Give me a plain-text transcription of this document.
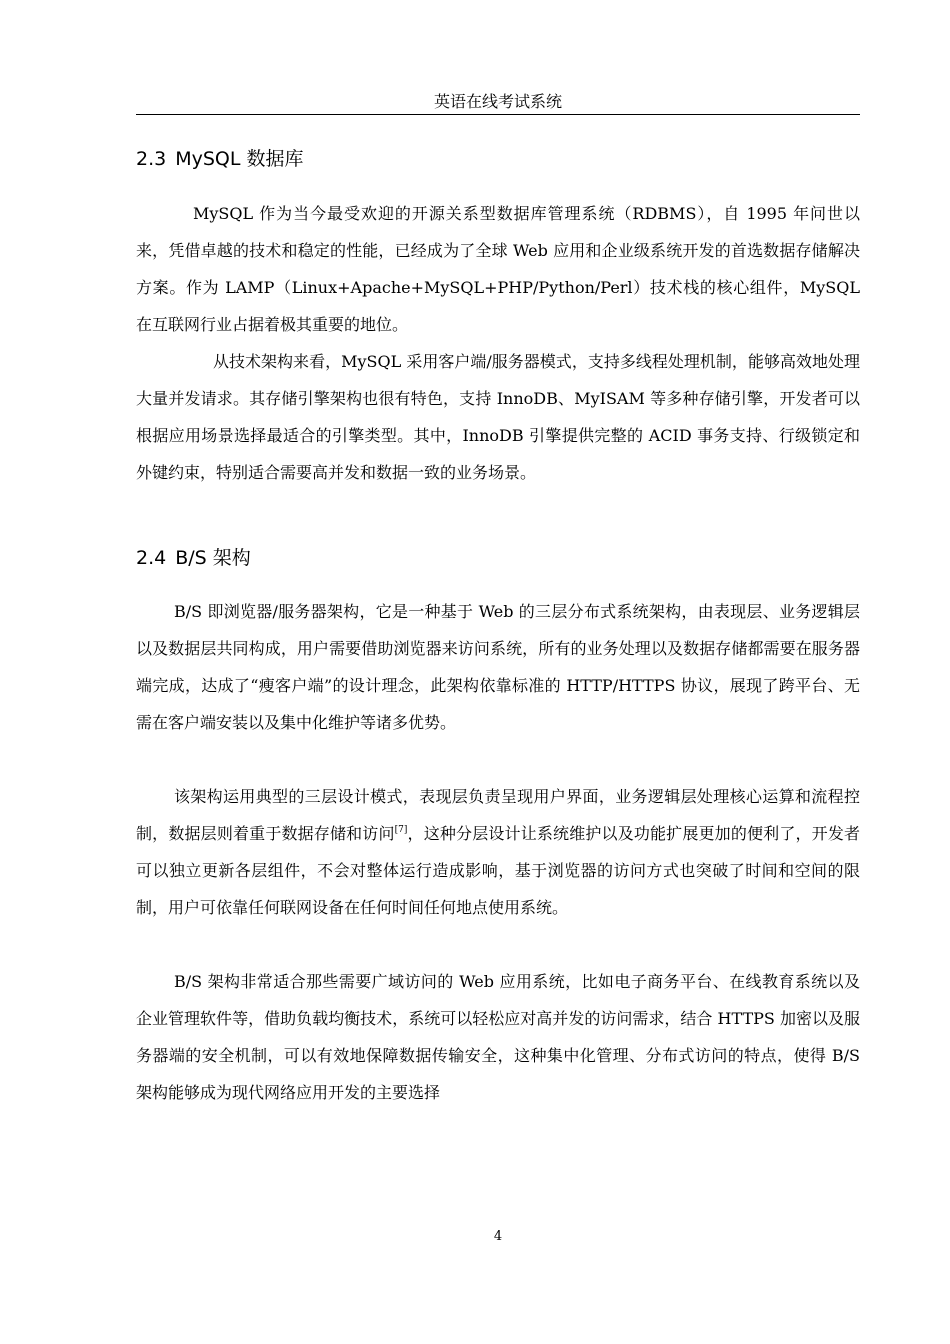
英语在线考试系统
2.3 MySQL 数据库

MySQL 作为当今最受欢迎的开源关系型数据库管理系统（RDBMS），自 1995 年问世以来，凭借卓越的技术和稳定的性能，已经成为了全球 Web 应用和企业级系统开发的首选数据存储解决方案。作为 LAMP（Linux+Apache+MySQL+PHP/Python/Perl）技术栈的核心组件，MySQL 在互联网行业占据着极其重要的地位。

从技术架构来看，MySQL 采用客户端/服务器模式，支持多线程处理机制，能够高效地处理大量并发请求。其存储引擎架构也很有特色，支持 InnoDB、MyISAM 等多种存储引擎，开发者可以根据应用场景选择最适合的引擎类型。其中，InnoDB 引擎提供完整的 ACID 事务支持、行级锁定和外键约束，特别适合需要高并发和数据一致的业务场景。

2.4 B/S 架构

B/S 即浏览器/服务器架构，它是一种基于 Web 的三层分布式系统架构，由表现层、业务逻辑层以及数据层共同构成，用户需要借助浏览器来访问系统，所有的业务处理以及数据存储都需要在服务器端完成，达成了“瘦客户端”的设计理念，此架构依靠标准的 HTTP/HTTPS 协议，展现了跨平台、无需在客户端安装以及集中化维护等诸多优势。

该架构运用典型的三层设计模式，表现层负责呈现用户界面，业务逻辑层处理核心运算和流程控制，数据层则着重于数据存储和访问[7]，这种分层设计让系统维护以及功能扩展更加的便利了，开发者可以独立更新各层组件，不会对整体运行造成影响，基于浏览器的访问方式也突破了时间和空间的限制，用户可依靠任何联网设备在任何时间任何地点使用系统。

B/S 架构非常适合那些需要广域访问的 Web 应用系统，比如电子商务平台、在线教育系统以及企业管理软件等，借助负载均衡技术，系统可以轻松应对高并发的访问需求，结合 HTTPS 加密以及服务器端的安全机制，可以有效地保障数据传输安全，这种集中化管理、分布式访问的特点，使得 B/S 架构能够成为现代网络应用开发的主要选择

4
